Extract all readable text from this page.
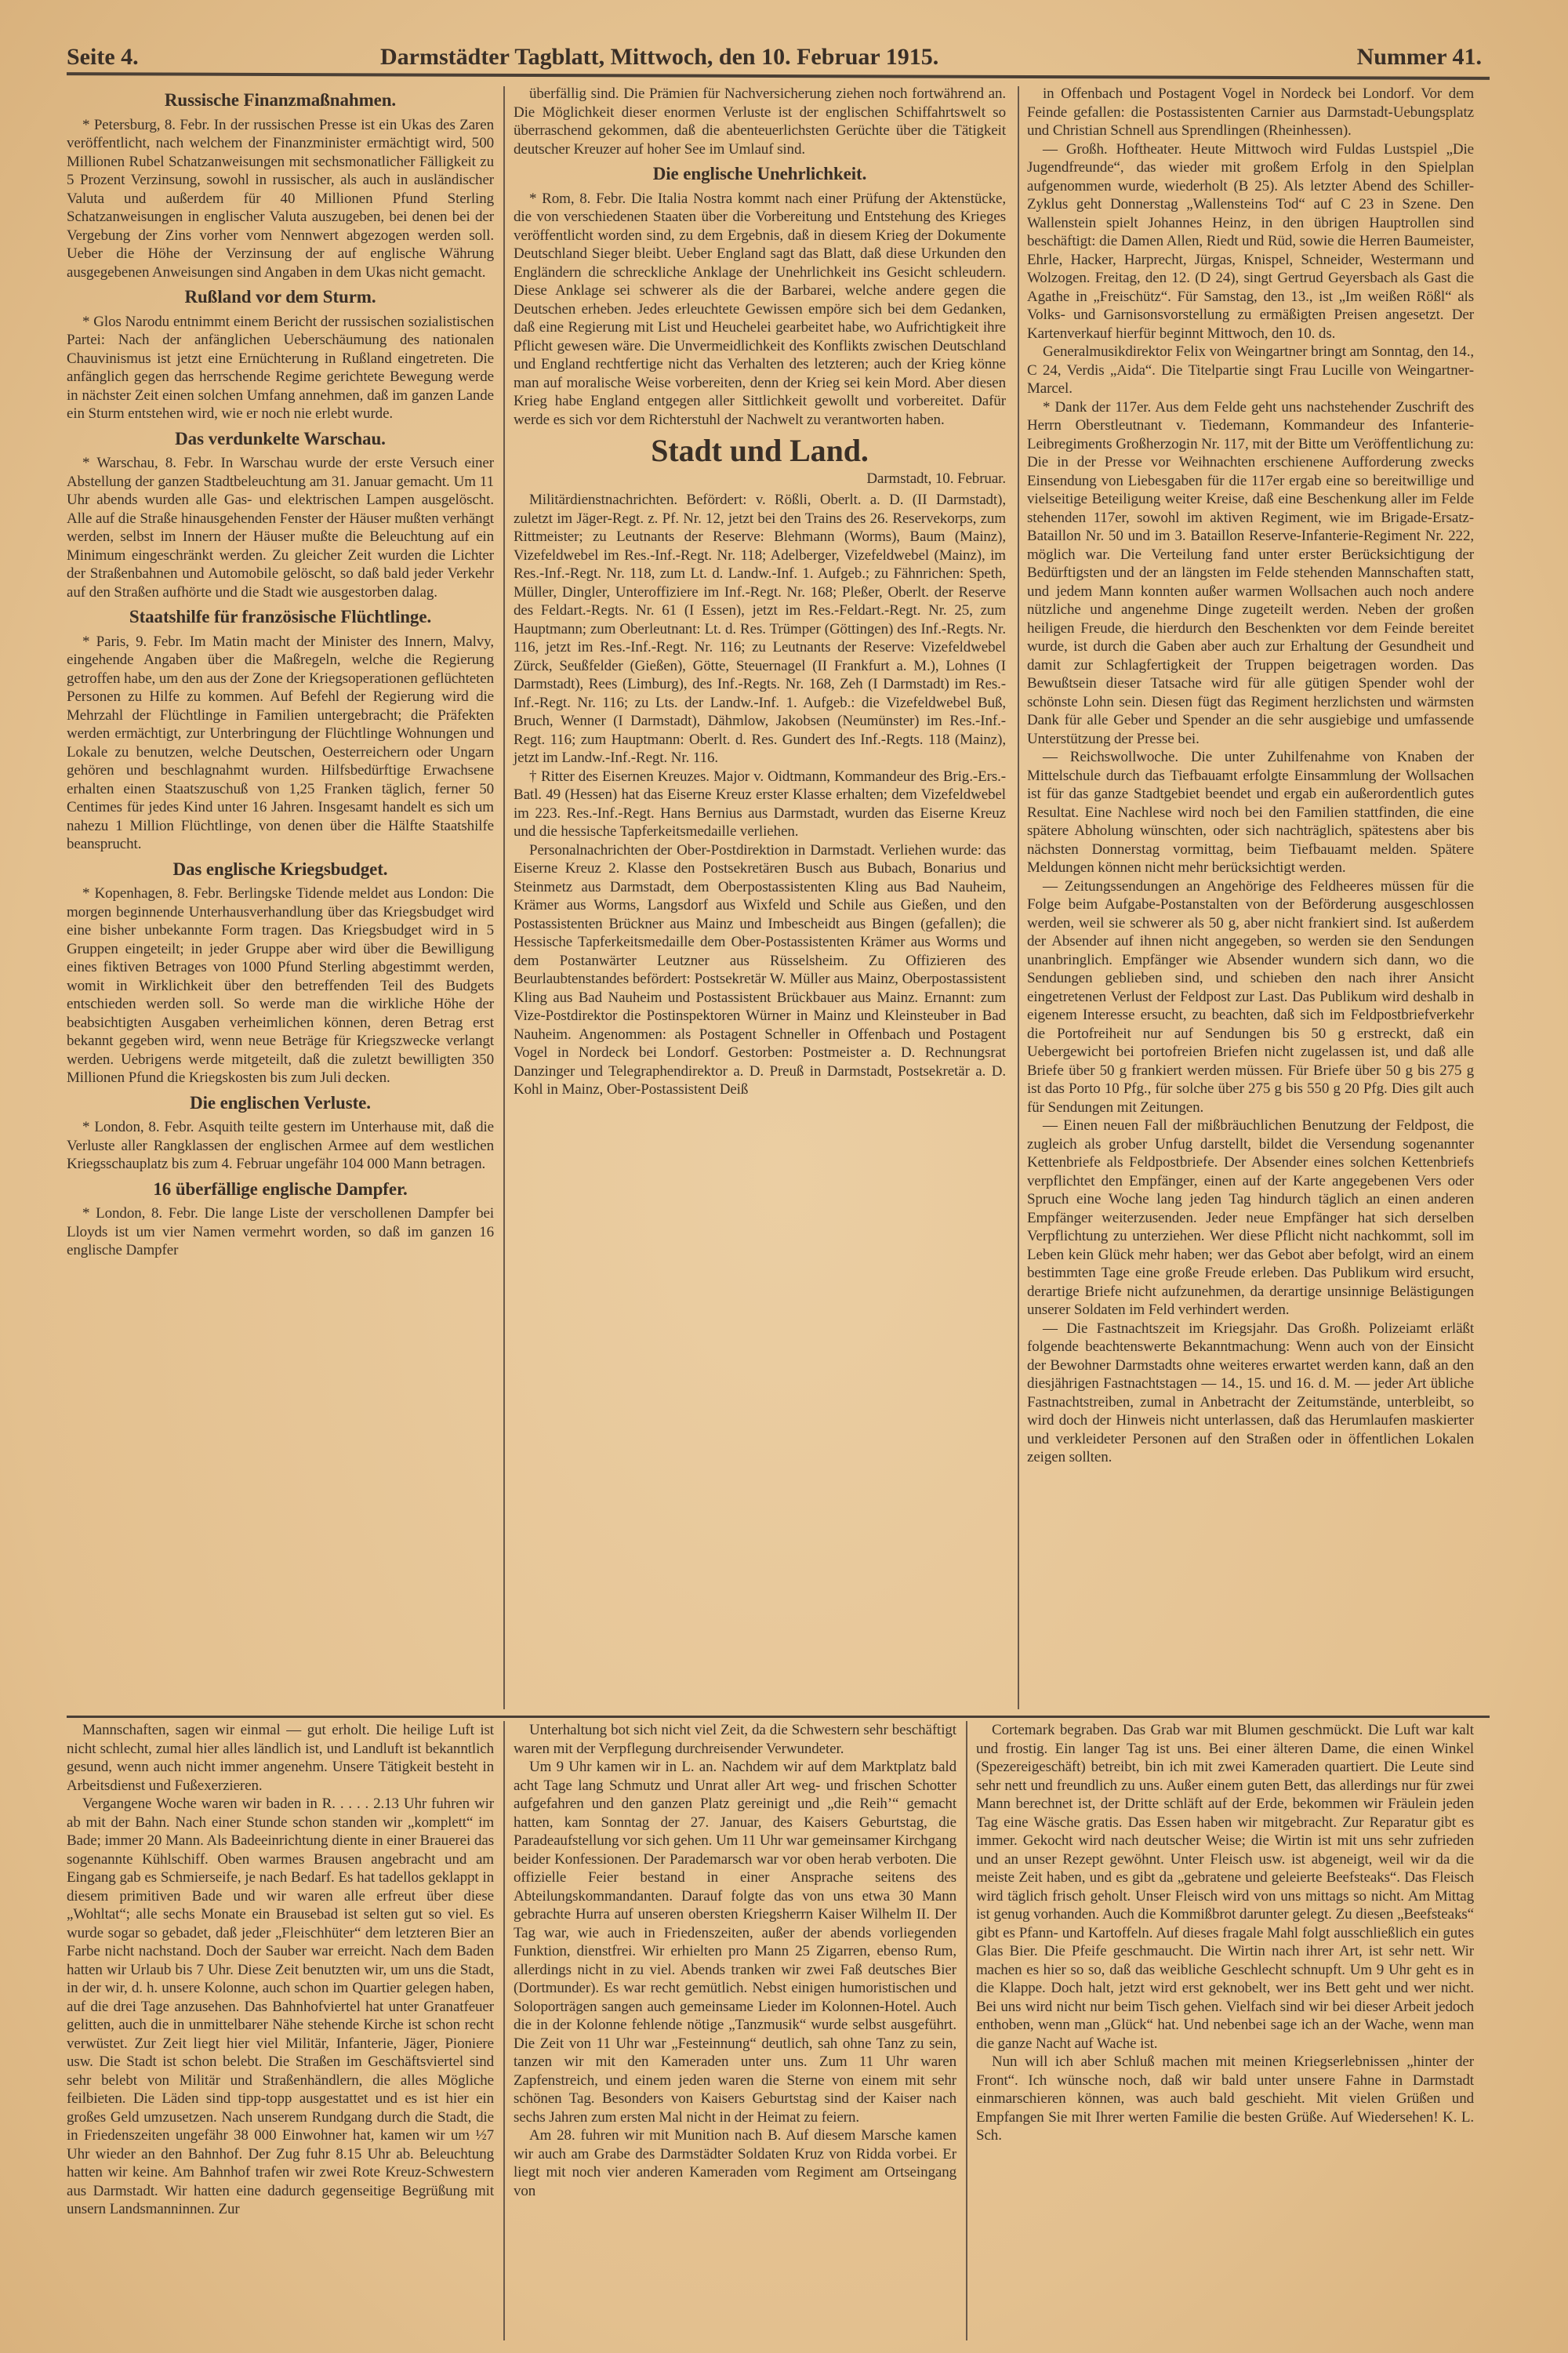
Seite 4.	Darmstädter Tagblatt, Mittwoch, den 10. Februar 1915.	Nummer 41.
Russische Finanzmaßnahmen.

* Petersburg, 8. Febr. In der russischen Presse ist ein Ukas des Zaren veröffentlicht, nach welchem der Finanzminister ermächtigt wird, 500 Millionen Rubel Schatzanweisungen mit sechsmonatlicher Fälligkeit zu 5 Prozent Verzinsung, sowohl in russischer, als auch in ausländischer Valuta und außerdem für 40 Millionen Pfund Sterling Schatzanweisungen in englischer Valuta auszugeben, bei denen bei der Vergebung der Zins vorher vom Nennwert abgezogen werden soll. Ueber die Höhe der Verzinsung der auf englische Währung ausgegebenen Anweisungen sind Angaben in dem Ukas nicht gemacht.

Rußland vor dem Sturm.

* Glos Narodu entnimmt einem Bericht der russischen sozialistischen Partei: Nach der anfänglichen Ueberschäumung des nationalen Chauvinismus ist jetzt eine Ernüchterung in Rußland eingetreten. Die anfänglich gegen das herrschende Regime gerichtete Bewegung werde in nächster Zeit einen solchen Umfang annehmen, daß im ganzen Lande ein Sturm entstehen wird, wie er noch nie erlebt wurde.

Das verdunkelte Warschau.

* Warschau, 8. Febr. In Warschau wurde der erste Versuch einer Abstellung der ganzen Stadtbeleuchtung am 31. Januar gemacht. Um 11 Uhr abends wurden alle Gas- und elektrischen Lampen ausgelöscht. Alle auf die Straße hinausgehenden Fenster der Häuser mußten verhängt werden, selbst im Innern der Häuser mußte die Beleuchtung auf ein Minimum eingeschränkt werden. Zu gleicher Zeit wurden die Lichter der Straßenbahnen und Automobile gelöscht, so daß bald jeder Verkehr auf den Straßen aufhörte und die Stadt wie ausgestorben dalag.

Staatshilfe für französische Flüchtlinge.

* Paris, 9. Febr. Im Matin macht der Minister des Innern, Malvy, eingehende Angaben über die Maßregeln, welche die Regierung getroffen habe, um den aus der Zone der Kriegsoperationen geflüchteten Personen zu Hilfe zu kommen. Auf Befehl der Regierung wird die Mehrzahl der Flüchtlinge in Familien untergebracht; die Präfekten werden ermächtigt, zur Unterbringung der Flüchtlinge Wohnungen und Lokale zu benutzen, welche Deutschen, Oesterreichern oder Ungarn gehören und beschlagnahmt wurden. Hilfsbedürftige Erwachsene erhalten einen Staatszuschuß von 1,25 Franken täglich, ferner 50 Centimes für jedes Kind unter 16 Jahren. Insgesamt handelt es sich um nahezu 1 Million Flüchtlinge, von denen über die Hälfte Staatshilfe beansprucht.

Das englische Kriegsbudget.

* Kopenhagen, 8. Febr. Berlingske Tidende meldet aus London: Die morgen beginnende Unterhausverhandlung über das Kriegsbudget wird eine bisher unbekannte Form tragen. Das Kriegsbudget wird in 5 Gruppen eingeteilt; in jeder Gruppe aber wird über die Bewilligung eines fiktiven Betrages von 1000 Pfund Sterling abgestimmt werden, womit in Wirklichkeit über den betreffenden Teil des Budgets entschieden werden soll. So werde man die wirkliche Höhe der beabsichtigten Ausgaben verheimlichen können, deren Betrag erst bekannt gegeben wird, wenn neue Beträge für Kriegszwecke verlangt werden. Uebrigens werde mitgeteilt, daß die zuletzt bewilligten 350 Millionen Pfund die Kriegskosten bis zum Juli decken.

Die englischen Verluste.

* London, 8. Febr. Asquith teilte gestern im Unterhause mit, daß die Verluste aller Rangklassen der englischen Armee auf dem westlichen Kriegsschauplatz bis zum 4. Februar ungefähr 104 000 Mann betragen.

16 überfällige englische Dampfer.

* London, 8. Febr. Die lange Liste der verschollenen Dampfer bei Lloyds ist um vier Namen vermehrt worden, so daß im ganzen 16 englische Dampfer

überfällig sind. Die Prämien für Nachversicherung ziehen noch fortwährend an. Die Möglichkeit dieser enormen Verluste ist der englischen Schiffahrtswelt so überraschend gekommen, daß die abenteuerlichsten Gerüchte über die Tätigkeit deutscher Kreuzer auf hoher See im Umlauf sind.

Die englische Unehrlichkeit.

* Rom, 8. Febr. Die Italia Nostra kommt nach einer Prüfung der Aktenstücke, die von verschiedenen Staaten über die Vorbereitung und Entstehung des Krieges veröffentlicht worden sind, zu dem Ergebnis, daß in diesem Krieg der Dokumente Deutschland Sieger bleibt. Ueber England sagt das Blatt, daß diese Urkunden den Engländern die schreckliche Anklage der Unehrlichkeit ins Gesicht schleudern. Diese Anklage sei schwerer als die der Barbarei, welche andere gegen die Deutschen erheben. Jedes erleuchtete Gewissen empöre sich bei dem Gedanken, daß eine Regierung mit List und Heuchelei gearbeitet habe, wo Aufrichtigkeit ihre Pflicht gewesen wäre. Die Unvermeidlichkeit des Konflikts zwischen Deutschland und England rechtfertige nicht das Verhalten des letzteren; auch der Krieg könne man auf moralische Weise vorbereiten, denn der Krieg sei kein Mord. Aber diesen Krieg habe England entgegen aller Sittlichkeit gewollt und vorbereitet. Dafür werde es sich vor dem Richterstuhl der Nachwelt zu verantworten haben.

Stadt und Land.
Darmstadt, 10. Februar.

Militärdienstnachrichten. Befördert: v. Rößli, Oberlt. a. D. (II Darmstadt), zuletzt im Jäger-Regt. z. Pf. Nr. 12, jetzt bei den Trains des 26. Reservekorps, zum Rittmeister; zu Leutnants der Reserve: Blehmann (Worms), Baum (Mainz), Vizefeldwebel im Res.-Inf.-Regt. Nr. 118; Adelberger, Vizefeldwebel (Mainz), im Res.-Inf.-Regt. Nr. 118, zum Lt. d. Landw.-Inf. 1. Aufgeb.; zu Fähnrichen: Speth, Müller, Dingler, Unteroffiziere im Inf.-Regt. Nr. 168; Pleßer, Oberlt. der Reserve des Feldart.-Regts. Nr. 61 (I Essen), jetzt im Res.-Feldart.-Regt. Nr. 25, zum Hauptmann; zum Oberleutnant: Lt. d. Res. Trümper (Göttingen) des Inf.-Regts. Nr. 116, jetzt im Res.-Inf.-Regt. Nr. 116; zu Leutnants der Reserve: Vizefeldwebel Zürck, Seußfelder (Gießen), Götte, Steuernagel (II Frankfurt a. M.), Lohnes (I Darmstadt), Rees (Limburg), des Inf.-Regts. Nr. 168, Zeh (I Darmstadt) im Res.-Inf.-Regt. Nr. 116; zu Lts. der Landw.-Inf. 1. Aufgeb.: die Vizefeldwebel Buß, Bruch, Wenner (I Darmstadt), Dähmlow, Jakobsen (Neumünster) im Res.-Inf.-Regt. 116; zum Hauptmann: Oberlt. d. Res. Gundert des Inf.-Regts. 118 (Mainz), jetzt im Landw.-Inf.-Regt. Nr. 116.

† Ritter des Eisernen Kreuzes. Major v. Oidtmann, Kommandeur des Brig.-Ers.-Batl. 49 (Hessen) hat das Eiserne Kreuz erster Klasse erhalten; dem Vizefeldwebel im 223. Res.-Inf.-Regt. Hans Bernius aus Darmstadt, wurden das Eiserne Kreuz und die hessische Tapferkeitsmedaille verliehen.

Personalnachrichten der Ober-Postdirektion in Darmstadt. Verliehen wurde: das Eiserne Kreuz 2. Klasse den Postsekretären Busch aus Bubach, Bonarius und Steinmetz aus Darmstadt, dem Oberpostassistenten Kling aus Bad Nauheim, Krämer aus Worms, Langsdorf aus Wixfeld und Schile aus Gießen, und den Postassistenten Brückner aus Mainz und Imbescheidt aus Bingen (gefallen); die Hessische Tapferkeitsmedaille dem Ober-Postassistenten Krämer aus Worms und dem Postanwärter Leutzner aus Rüsselsheim. Zu Offizieren des Beurlaubtenstandes befördert: Postsekretär W. Müller aus Mainz, Oberpostassistent Kling aus Bad Nauheim und Postassistent Brückbauer aus Mainz. Ernannt: zum Vize-Postdirektor die Postinspektoren Würner in Mainz und Kleinsteuber in Bad Nauheim. Angenommen: als Postagent Schneller in Offenbach und Postagent Vogel in Nordeck bei Londorf. Gestorben: Postmeister a. D. Rechnungsrat Danzinger und Telegraphendirektor a. D. Preuß in Darmstadt, Postsekretär a. D. Kohl in Mainz, Ober-Postassistent Deiß

in Offenbach und Postagent Vogel in Nordeck bei Londorf. Vor dem Feinde gefallen: die Postassistenten Carnier aus Darmstadt-Uebungsplatz und Christian Schnell aus Sprendlingen (Rheinhessen).

— Großh. Hoftheater. Heute Mittwoch wird Fuldas Lustspiel „Die Jugendfreunde“, das wieder mit großem Erfolg in den Spielplan aufgenommen wurde, wiederholt (B 25). Als letzter Abend des Schiller-Zyklus geht Donnerstag „Wallensteins Tod“ auf C 23 in Szene. Den Wallenstein spielt Johannes Heinz, in den übrigen Hauptrollen sind beschäftigt: die Damen Allen, Riedt und Rüd, sowie die Herren Baumeister, Ehrle, Hacker, Harprecht, Jürgas, Knispel, Schneider, Westermann und Wolzogen. Freitag, den 12. (D 24), singt Gertrud Geyersbach als Gast die Agathe in „Freischütz“. Für Samstag, den 13., ist „Im weißen Rößl“ als Volks- und Garnisonsvorstellung zu ermäßigten Preisen angesetzt. Der Kartenverkauf hierfür beginnt Mittwoch, den 10. ds.

Generalmusikdirektor Felix von Weingartner bringt am Sonntag, den 14., C 24, Verdis „Aida“. Die Titelpartie singt Frau Lucille von Weingartner-Marcel.

* Dank der 117er. Aus dem Felde geht uns nachstehender Zuschrift des Herrn Oberstleutnant v. Tiedemann, Kommandeur des Infanterie-Leibregiments Großherzogin Nr. 117, mit der Bitte um Veröffentlichung zu: Die in der Presse vor Weihnachten erschienene Aufforderung zwecks Einsendung von Liebesgaben für die 117er ergab eine so bereitwillige und vielseitige Beteiligung weiter Kreise, daß eine Beschenkung aller im Felde stehenden 117er, sowohl im aktiven Regiment, wie im Brigade-Ersatz-Bataillon Nr. 50 und im 3. Bataillon Reserve-Infanterie-Regiment Nr. 222, möglich war. Die Verteilung fand unter erster Berücksichtigung der Bedürftigsten und der an längsten im Felde stehenden Mannschaften statt, und jedem Mann konnten außer warmen Wollsachen auch noch andere nützliche und angenehme Dinge zugeteilt werden. Neben der großen heiligen Freude, die hierdurch den Beschenkten vor dem Feinde bereitet wurde, ist durch die Gaben aber auch zur Erhaltung der Gesundheit und damit zur Schlagfertigkeit der Truppen beigetragen worden. Das Bewußtsein dieser Tatsache wird für alle gütigen Spender wohl der schönste Lohn sein. Diesen fügt das Regiment herzlichsten und wärmsten Dank für alle Geber und Spender an die sehr ausgiebige und umfassende Unterstützung der Presse bei.

— Reichswollwoche. Die unter Zuhilfenahme von Knaben der Mittelschule durch das Tiefbauamt erfolgte Einsammlung der Wollsachen ist für das ganze Stadtgebiet beendet und ergab ein außerordentlich gutes Resultat. Eine Nachlese wird noch bei den Familien stattfinden, die eine spätere Abholung wünschten, oder sich nachträglich, spätestens aber bis nächsten Donnerstag vormittag, beim Tiefbauamt melden. Spätere Meldungen können nicht mehr berücksichtigt werden.

— Zeitungssendungen an Angehörige des Feldheeres müssen für die Folge beim Aufgabe-Postanstalten von der Beförderung ausgeschlossen werden, weil sie schwerer als 50 g, aber nicht frankiert sind. Ist außerdem der Absender auf ihnen nicht angegeben, so werden sie den Sendungen unanbringlich. Empfänger wie Absender wundern sich dann, wo die Sendungen geblieben sind, und schieben den nach ihrer Ansicht eingetretenen Verlust der Feldpost zur Last. Das Publikum wird deshalb in eigenem Interesse ersucht, zu beachten, daß sich im Feldpostbriefverkehr die Portofreiheit nur auf Sendungen bis 50 g erstreckt, daß ein Uebergewicht bei portofreien Briefen nicht zugelassen ist, und daß alle Briefe über 50 g frankiert werden müssen. Für Briefe über 50 g bis 275 g ist das Porto 10 Pfg., für solche über 275 g bis 550 g 20 Pfg. Dies gilt auch für Sendungen mit Zeitungen.

— Einen neuen Fall der mißbräuchlichen Benutzung der Feldpost, die zugleich als grober Unfug darstellt, bildet die Versendung sogenannter Kettenbriefe als Feldpostbriefe. Der Absender eines solchen Kettenbriefs verpflichtet den Empfänger, einen auf der Karte angegebenen Vers oder Spruch eine Woche lang jeden Tag hindurch täglich an einen anderen Empfänger weiterzusenden. Jeder neue Empfänger hat sich derselben Verpflichtung zu unterziehen. Wer diese Pflicht nicht nachkommt, soll im Leben kein Glück mehr haben; wer das Gebot aber befolgt, wird an einem bestimmten Tage eine große Freude erleben. Das Publikum wird ersucht, derartige Briefe nicht aufzunehmen, da derartige unsinnige Belästigungen unserer Soldaten im Feld verhindert werden.

— Die Fastnachtszeit im Kriegsjahr. Das Großh. Polizeiamt erläßt folgende beachtenswerte Bekanntmachung: Wenn auch von der Einsicht der Bewohner Darmstadts ohne weiteres erwartet werden kann, daß an den diesjährigen Fastnachtstagen — 14., 15. und 16. d. M. — jeder Art übliche Fastnachtstreiben, zumal in Anbetracht der Zeitumstände, unterbleibt, so wird doch der Hinweis nicht unterlassen, daß das Herumlaufen maskierter und verkleideter Personen auf den Straßen oder in öffentlichen Lokalen zeigen sollten.

Mannschaften, sagen wir einmal — gut erholt. Die heilige Luft ist nicht schlecht, zumal hier alles ländlich ist, und Landluft ist bekanntlich gesund, wenn auch nicht immer angenehm. Unsere Tätigkeit besteht in Arbeitsdienst und Fußexerzieren.

Vergangene Woche waren wir baden in R. . . . . 2.13 Uhr fuhren wir ab mit der Bahn. Nach einer Stunde schon standen wir „komplett“ im Bade; immer 20 Mann. Als Badeeinrichtung diente in einer Brauerei das sogenannte Kühlschiff. Oben warmes Brausen angebracht und am Eingang gab es Schmierseife, je nach Bedarf. Es hat tadellos geklappt in diesem primitiven Bade und wir waren alle erfreut über diese „Wohltat“; alle sechs Monate ein Brausebad ist selten gut so viel. Es wurde sogar so gebadet, daß jeder „Fleischhüter“ dem letzteren Bier an Farbe nicht nachstand. Doch der Sauber war erreicht. Nach dem Baden hatten wir Urlaub bis 7 Uhr. Diese Zeit benutzten wir, um uns die Stadt, in der wir, d. h. unsere Kolonne, auch schon im Quartier gelegen haben, auf die drei Tage anzusehen. Das Bahnhofviertel hat unter Granatfeuer gelitten, auch die in unmittelbarer Nähe stehende Kirche ist schon recht verwüstet. Zur Zeit liegt hier viel Militär, Infanterie, Jäger, Pioniere usw. Die Stadt ist schon belebt. Die Straßen im Geschäftsviertel sind sehr belebt von Militär und Straßenhändlern, die alles Mögliche feilbieten. Die Läden sind tipp-topp ausgestattet und es ist hier ein großes Geld umzusetzen. Nach unserem Rundgang durch die Stadt, die in Friedenszeiten ungefähr 38 000 Einwohner hat, kamen wir um ½7 Uhr wieder an den Bahnhof. Der Zug fuhr 8.15 Uhr ab. Beleuchtung hatten wir keine. Am Bahnhof trafen wir zwei Rote Kreuz-Schwestern aus Darmstadt. Wir hatten eine dadurch gegenseitige Begrüßung mit unsern Landsmanninnen. Zur

Unterhaltung bot sich nicht viel Zeit, da die Schwestern sehr beschäftigt waren mit der Verpflegung durchreisender Verwundeter.

Um 9 Uhr kamen wir in L. an. Nachdem wir auf dem Marktplatz bald acht Tage lang Schmutz und Unrat aller Art weg- und frischen Schotter aufgefahren und den ganzen Platz gereinigt und „die Reih’“ gemacht hatten, kam Sonntag der 27. Januar, des Kaisers Geburtstag, die Paradeaufstellung vor sich gehen. Um 11 Uhr war gemeinsamer Kirchgang beider Konfessionen. Der Parademarsch war vor oben herab verboten. Die offizielle Feier bestand in einer Ansprache seitens des Abteilungskommandanten. Darauf folgte das von uns etwa 30 Mann gebrachte Hurra auf unseren obersten Kriegsherrn Kaiser Wilhelm II. Der Tag war, wie auch in Friedenszeiten, außer der abends vorliegenden Funktion, dienstfrei. Wir erhielten pro Mann 25 Zigarren, ebenso Rum, allerdings nicht in zu viel. Abends tranken wir zwei Faß deutsches Bier (Dortmunder). Es war recht gemütlich. Nebst einigen humoristischen und Soloporträgen sangen auch gemeinsame Lieder im Kolonnen-Hotel. Auch die in der Kolonne fehlende nötige „Tanzmusik“ wurde selbst ausgeführt. Die Zeit von 11 Uhr war „Festeinnung“ deutlich, sah ohne Tanz zu sein, tanzen wir mit den Kameraden unter uns. Zum 11 Uhr waren Zapfenstreich, und einem jeden waren die Sterne von einem mit sehr schönen Tag. Besonders von Kaisers Geburtstag sind der Kaiser nach sechs Jahren zum ersten Mal nicht in der Heimat zu feiern.

Am 28. fuhren wir mit Munition nach B. Auf diesem Marsche kamen wir auch am Grabe des Darmstädter Soldaten Kruz von Ridda vorbei. Er liegt mit noch vier anderen Kameraden vom Regiment am Ortseingang von

Cortemark begraben. Das Grab war mit Blumen geschmückt. Die Luft war kalt und frostig. Ein langer Tag ist uns. Bei einer älteren Dame, die einen Winkel (Spezereigeschäft) betreibt, bin ich mit zwei Kameraden quartiert. Die Leute sind sehr nett und freundlich zu uns. Außer einem guten Bett, das allerdings nur für zwei Mann berechnet ist, der Dritte schläft auf der Erde, bekommen wir Fräulein jeden Tag eine Wäsche gratis. Das Essen haben wir mitgebracht. Zur Reparatur gibt es immer. Gekocht wird nach deutscher Weise; die Wirtin ist mit uns sehr zufrieden und an unser Rezept gewöhnt. Unter Fleisch usw. ist abgeneigt, weil wir da die meiste Zeit haben, und es gibt da „gebratene und geleierte Beefsteaks“. Das Fleisch wird täglich frisch geholt. Unser Fleisch wird von uns mittags so nicht. Am Mittag ist genug vorhanden. Auch die Kommißbrot darunter gelegt. Zu diesen „Beefsteaks“ gibt es Pfann- und Kartoffeln. Auf dieses fragale Mahl folgt ausschließlich ein gutes Glas Bier. Die Pfeife geschmaucht. Die Wirtin nach ihrer Art, ist sehr nett. Wir machen es hier so so, daß das weibliche Geschlecht schnupft. Um 9 Uhr geht es in die Klappe. Doch halt, jetzt wird erst geknobelt, wer ins Bett geht und wer nicht. Bei uns wird nicht nur beim Tisch gehen. Vielfach sind wir bei dieser Arbeit jedoch enthoben, wenn man „Glück“ hat. Und nebenbei sage ich an der Wache, wenn man die ganze Nacht auf Wache ist.

Nun will ich aber Schluß machen mit meinen Kriegserlebnissen „hinter der Front“. Ich wünsche noch, daß wir bald unter unsere Fahne in Darmstadt einmarschieren können, was auch bald geschieht. Mit vielen Grüßen und Empfangen Sie mit Ihrer werten Familie die besten Grüße. Auf Wiedersehen! K. L. Sch.
